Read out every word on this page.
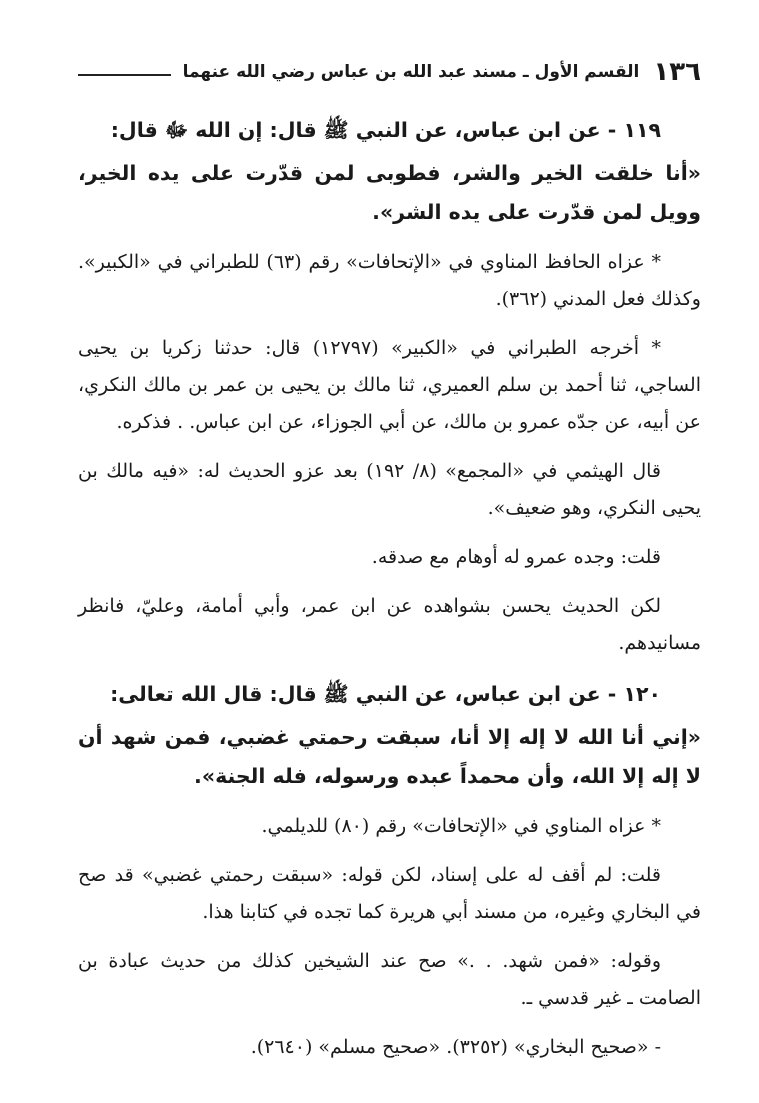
١٣٦
القسم الأول ـ مسند عبد الله بن عباس رضي الله عنهما

١١٩ - عن ابن عباس، عن النبي ﷺ قال: إن الله ﷻ قال:

«أنا خلقت الخير والشر، فطوبى لمن قدّرت على يده الخير، وويل لمن قدّرت على يده الشر».

* عزاه الحافظ المناوي في «الإتحافات» رقم (٦٣) للطبراني في «الكبير». وكذلك فعل المدني (٣٦٢).

* أخرجه الطبراني في «الكبير» (١٢٧٩٧) قال: حدثنا زكريا بن يحيى الساجي، ثنا أحمد بن سلم العميري، ثنا مالك بن يحيى بن عمر بن مالك النكري، عن أبيه، عن جدّه عمرو بن مالك، عن أبي الجوزاء، عن ابن عباس. . فذكره.

قال الهيثمي في «المجمع» (٨/ ١٩٢) بعد عزو الحديث له: «فيه مالك بن يحيى النكري، وهو ضعيف».

قلت: وجده عمرو له أوهام مع صدقه.

لكن الحديث يحسن بشواهده عن ابن عمر، وأبي أمامة، وعليّ، فانظر مسانيدهم.

١٢٠ - عن ابن عباس، عن النبي ﷺ قال: قال الله تعالى:

«إني أنا الله لا إله إلا أنا، سبقت رحمتي غضبي، فمن شهد أن لا إله إلا الله، وأن محمداً عبده ورسوله، فله الجنة».

* عزاه المناوي في «الإتحافات» رقم (٨٠) للديلمي.

قلت: لم أقف له على إسناد، لكن قوله: «سبقت رحمتي غضبي» قد صح في البخاري وغيره، من مسند أبي هريرة كما تجده في كتابنا هذا.

وقوله: «فمن شهد. . .» صح عند الشيخين كذلك من حديث عبادة بن الصامت ـ غير قدسي ـ.

- «صحيح البخاري» (٣٢٥٢). «صحيح مسلم» (٢٦٤٠).
